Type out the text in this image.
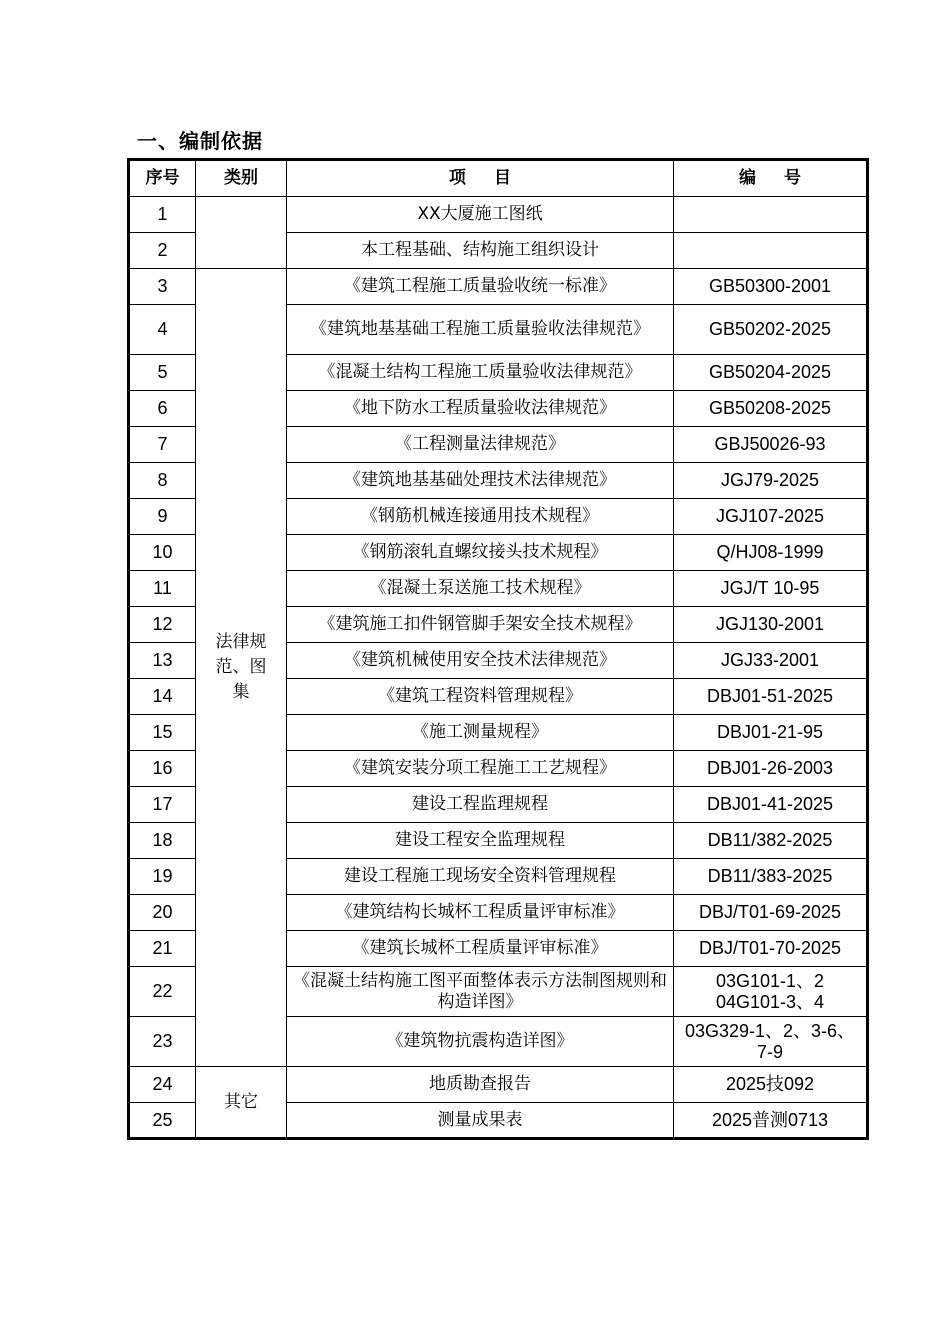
一、编制依据
序号	类别	项 目	编 号
1		XX大厦施工图纸	
2		本工程基础、结构施工组织设计	
3	法律规范、图集	《建筑工程施工质量验收统一标准》	GB50300-2001
4		《建筑地基基础工程施工质量验收法律规范》	GB50202-2025
5		《混凝土结构工程施工质量验收法律规范》	GB50204-2025
6		《地下防水工程质量验收法律规范》	GB50208-2025
7		《工程测量法律规范》	GBJ50026-93
8		《建筑地基基础处理技术法律规范》	JGJ79-2025
9		《钢筋机械连接通用技术规程》	JGJ107-2025
10		《钢筋滚轧直螺纹接头技术规程》	Q/HJ08-1999
11		《混凝土泵送施工技术规程》	JGJ/T 10-95
12		《建筑施工扣件钢管脚手架安全技术规程》	JGJ130-2001
13		《建筑机械使用安全技术法律规范》	JGJ33-2001
14		《建筑工程资料管理规程》	DBJ01-51-2025
15		《施工测量规程》	DBJ01-21-95
16		《建筑安装分项工程施工工艺规程》	DBJ01-26-2003
17		建设工程监理规程	DBJ01-41-2025
18		建设工程安全监理规程	DB11/382-2025
19		建设工程施工现场安全资料管理规程	DB11/383-2025
20		《建筑结构长城杯工程质量评审标准》	DBJ/T01-69-2025
21		《建筑长城杯工程质量评审标准》	DBJ/T01-70-2025
22		《混凝土结构施工图平面整体表示方法制图规则和构造详图》	03G101-1、2 04G101-3、4
23		《建筑物抗震构造详图》	03G329-1、2、3-6、7-9
24	其它	地质勘查报告	2025技092
25		测量成果表	2025普测0713
